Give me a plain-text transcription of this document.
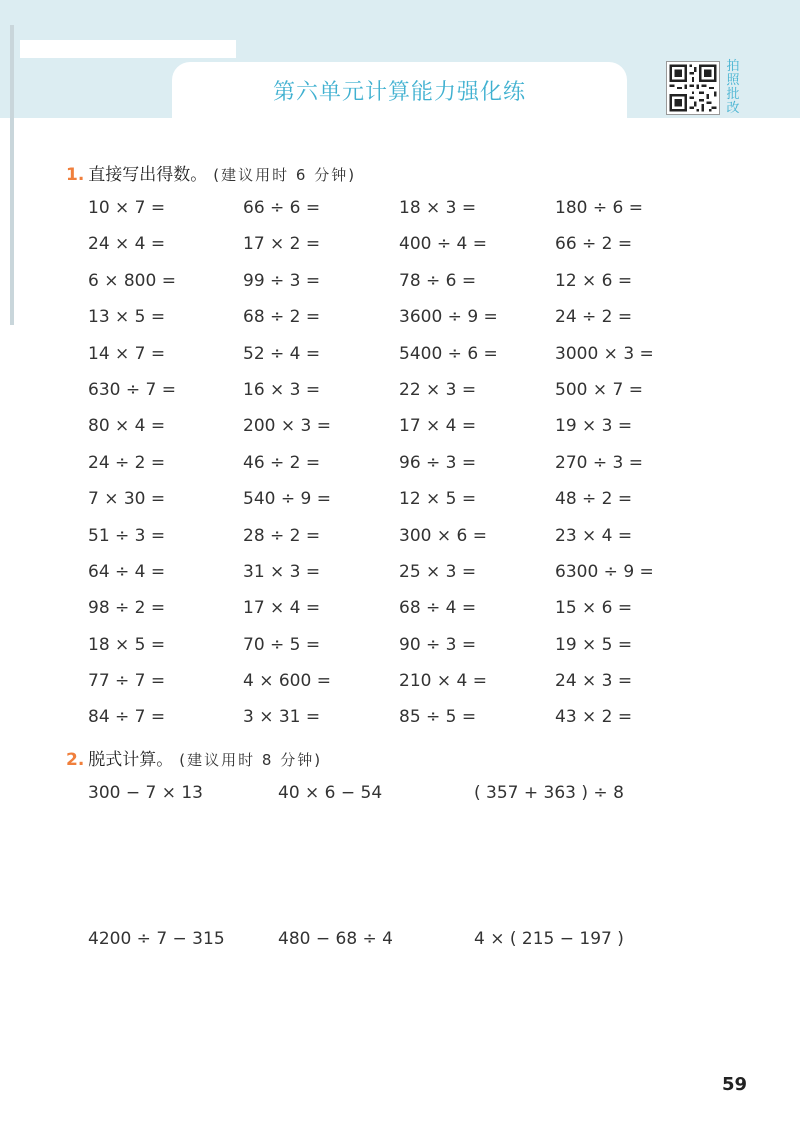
第六单元计算能力强化练
拍
照
批
改
1. 直接写出得数。 (建议用时 6 分钟)
10 × 7 =	66 ÷ 6 =	18 × 3 =	180 ÷ 6 =
24 × 4 =	17 × 2 =	400 ÷ 4 =	66 ÷ 2 =
6 × 800 =	99 ÷ 3 =	78 ÷ 6 =	12 × 6 =
13 × 5 =	68 ÷ 2 =	3600 ÷ 9 =	24 ÷ 2 =
14 × 7 =	52 ÷ 4 =	5400 ÷ 6 =	3000 × 3 =
630 ÷ 7 =	16 × 3 =	22 × 3 =	500 × 7 =
80 × 4 =	200 × 3 =	17 × 4 =	19 × 3 =
24 ÷ 2 =	46 ÷ 2 =	96 ÷ 3 =	270 ÷ 3 =
7 × 30 =	540 ÷ 9 =	12 × 5 =	48 ÷ 2 =
51 ÷ 3 =	28 ÷ 2 =	300 × 6 =	23 × 4 =
64 ÷ 4 =	31 × 3 =	25 × 3 =	6300 ÷ 9 =
98 ÷ 2 =	17 × 4 =	68 ÷ 4 =	15 × 6 =
18 × 5 =	70 ÷ 5 =	90 ÷ 3 =	19 × 5 =
77 ÷ 7 =	4 × 600 =	210 × 4 =	24 × 3 =
84 ÷ 7 =	3 × 31 =	85 ÷ 5 =	43 × 2 =
2. 脱式计算。 (建议用时 8 分钟)
300 − 7 × 13	40 × 6 − 54	( 357 + 363 ) ÷ 8
4200 ÷ 7 − 315	480 − 68 ÷ 4	4 × ( 215 − 197 )
59
